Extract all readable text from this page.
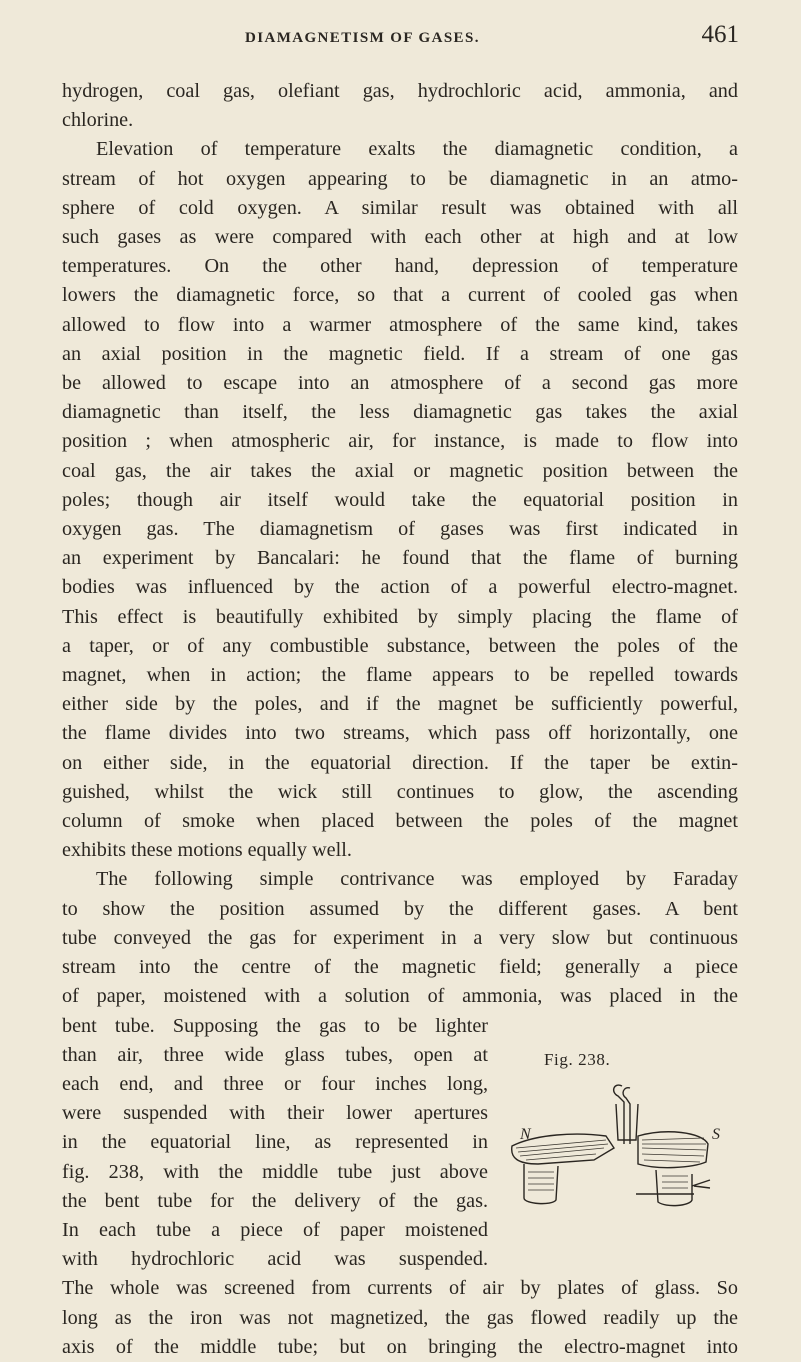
DIAMAGNETISM OF GASES.	461

hydrogen, coal gas, olefiant gas, hydrochloric acid, ammonia, and
chlorine.

Elevation of temperature exalts the diamagnetic condition, a
stream of hot oxygen appearing to be diamagnetic in an atmo-
sphere of cold oxygen. A similar result was obtained with all
such gases as were compared with each other at high and at low
temperatures. On the other hand, depression of temperature
lowers the diamagnetic force, so that a current of cooled gas when
allowed to flow into a warmer atmosphere of the same kind, takes
an axial position in the magnetic field. If a stream of one gas
be allowed to escape into an atmosphere of a second gas more
diamagnetic than itself, the less diamagnetic gas takes the axial
position ; when atmospheric air, for instance, is made to flow into
coal gas, the air takes the axial or magnetic position between the
poles; though air itself would take the equatorial position in
oxygen gas. The diamagnetism of gases was first indicated in
an experiment by Bancalari: he found that the flame of burning
bodies was influenced by the action of a powerful electro-magnet.
This effect is beautifully exhibited by simply placing the flame of
a taper, or of any combustible substance, between the poles of the
magnet, when in action; the flame appears to be repelled towards
either side by the poles, and if the magnet be sufficiently powerful,
the flame divides into two streams, which pass off horizontally, one
on either side, in the equatorial direction. If the taper be extin-
guished, whilst the wick still continues to glow, the ascending
column of smoke when placed between the poles of the magnet
exhibits these motions equally well.

The following simple contrivance was employed by Faraday
to show the position assumed by the different gases. A bent
tube conveyed the gas for experiment in a very slow but continuous
stream into the centre of the magnetic field; generally a piece
of paper, moistened with a solution of ammonia, was placed in the
bent tube. Supposing the gas to be lighter
than air, three wide glass tubes, open at
each end, and three or four inches long,
were suspended with their lower apertures
in the equatorial line, as represented in
fig. 238, with the middle tube just above
the bent tube for the delivery of the gas.
In each tube a piece of paper moistened
with hydrochloric acid was suspended.
The whole was screened from currents of air by plates of glass. So
long as the iron was not magnetized, the gas flowed readily up the
axis of the middle tube; but on bringing the electro-magnet into

Fig. 238.
N	S
